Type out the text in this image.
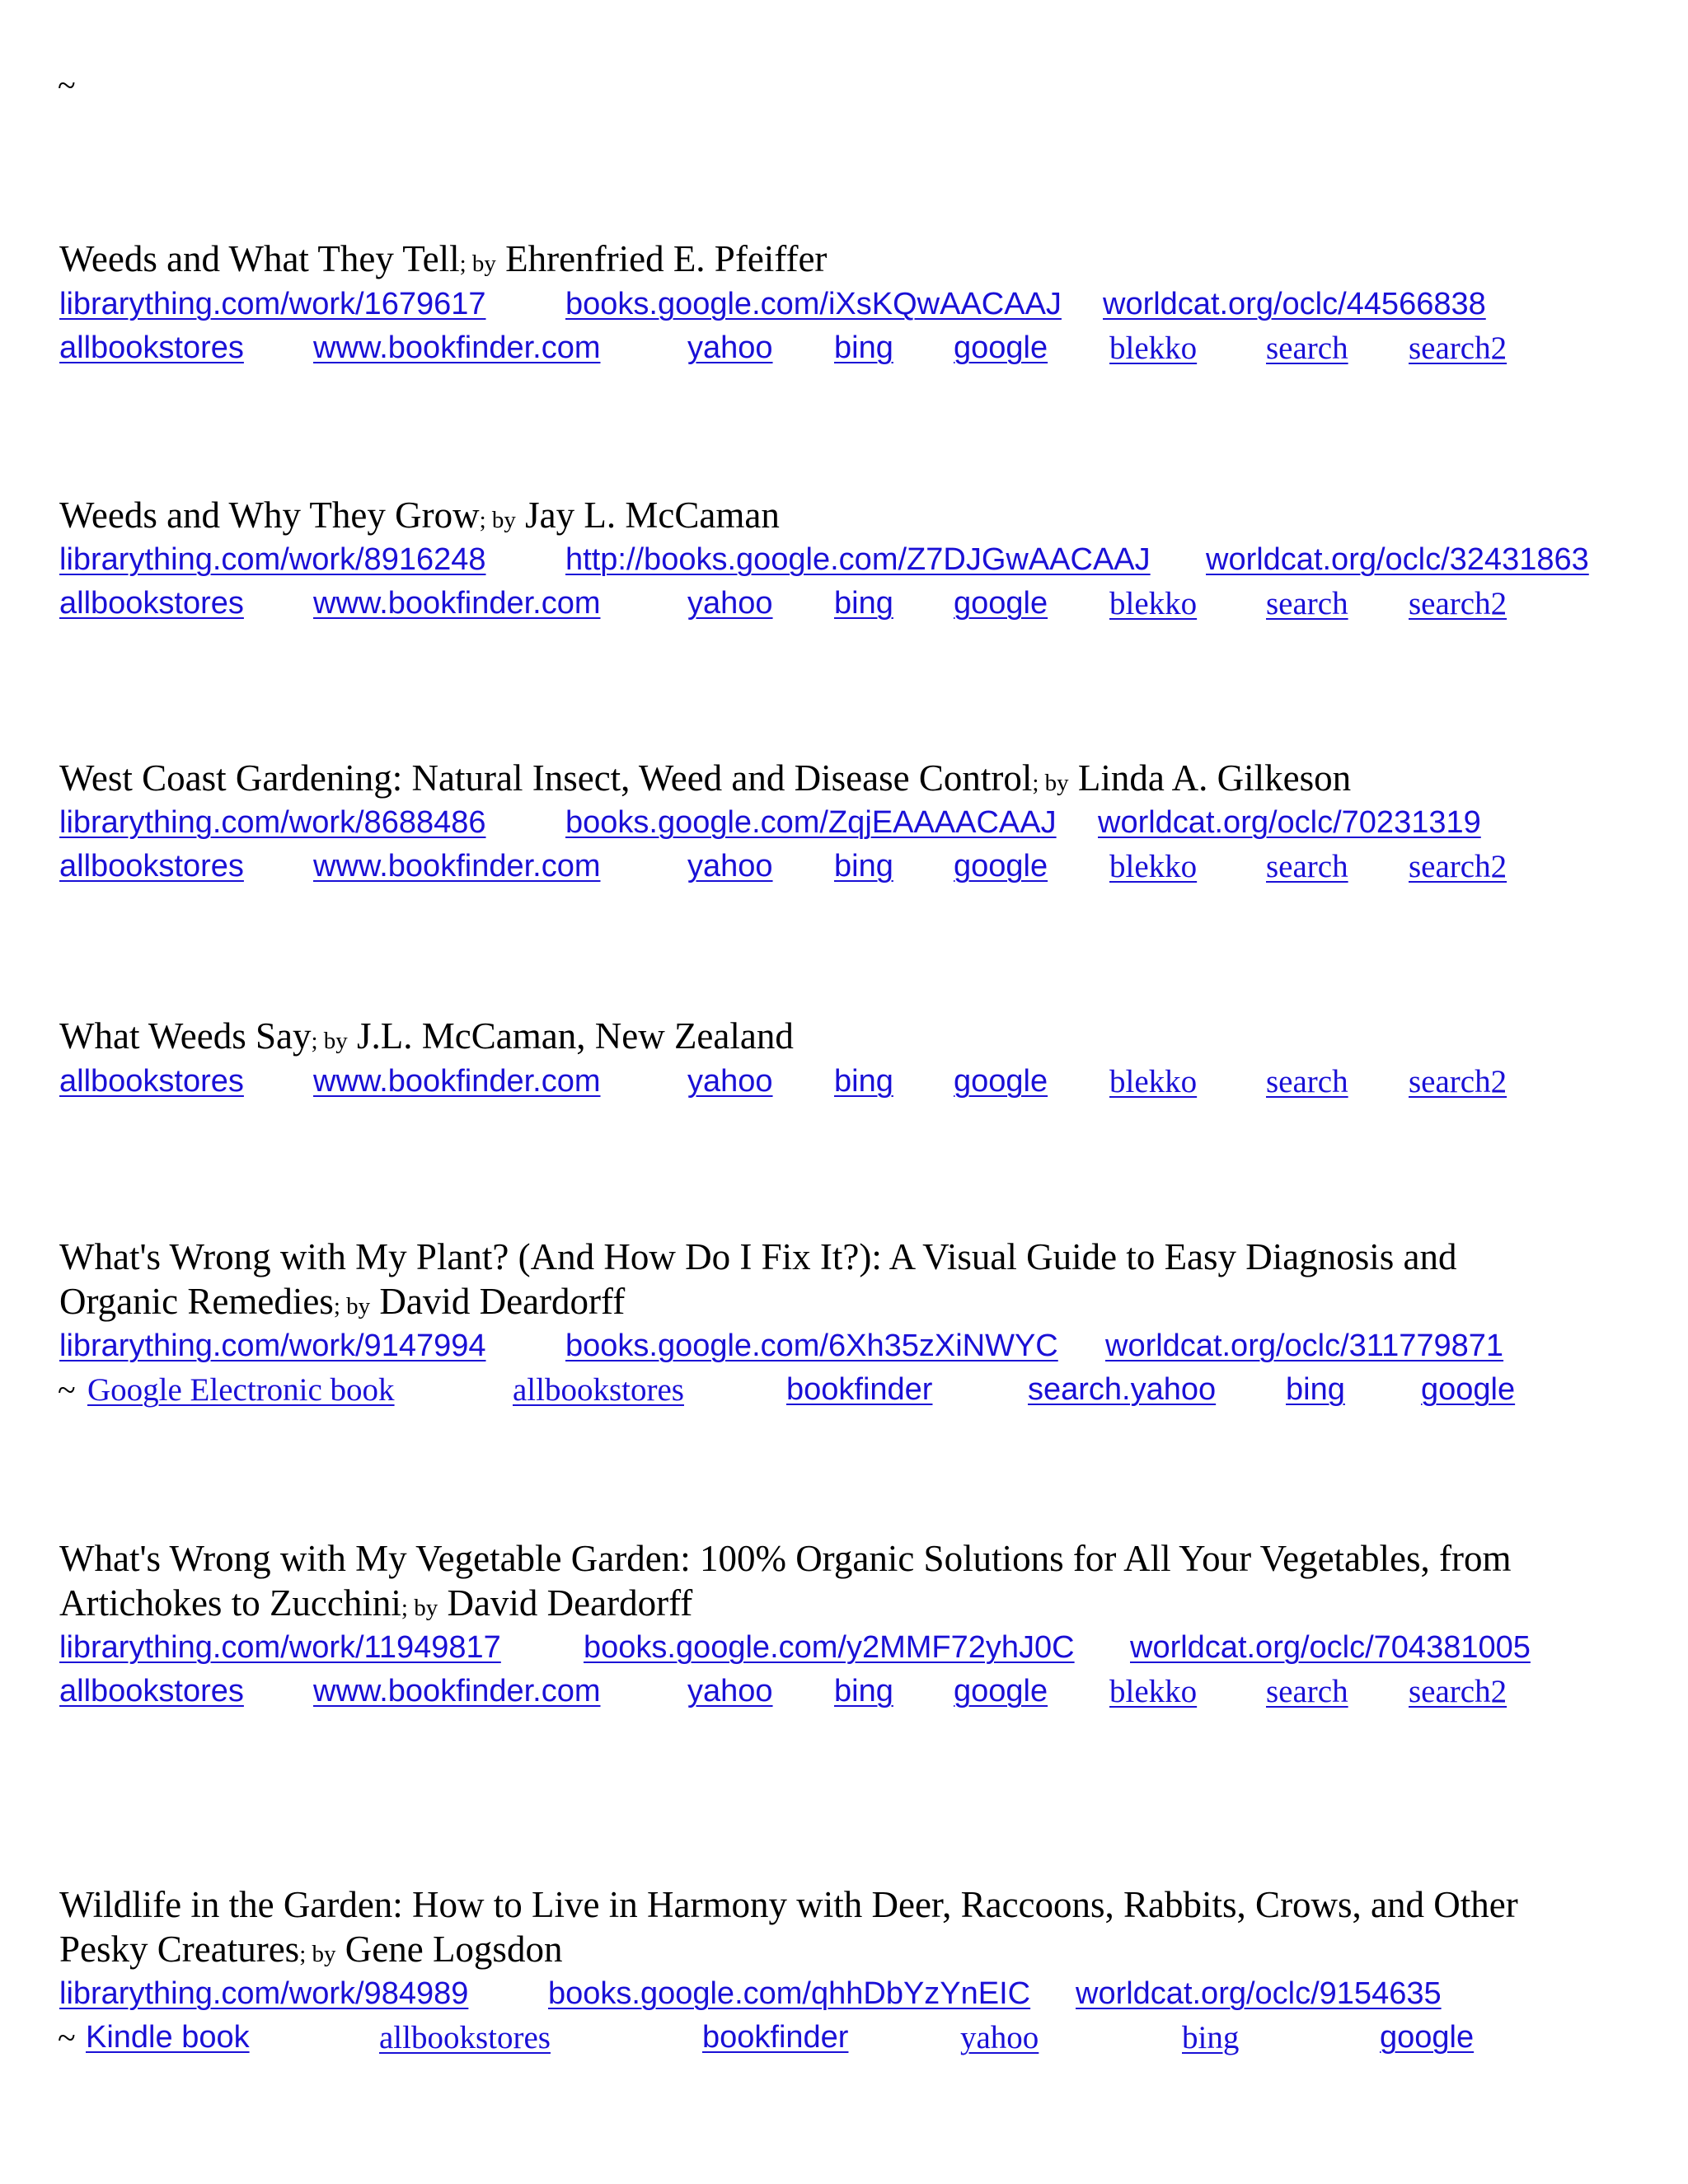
~
Weeds and What They Tell; by Ehrenfried E. Pfeiffer
librarything.com/work/1679617	books.google.com/iXsKQwAACAAJ worldcat.org/oclc/44566838
allbookstores www.bookfinder.com	yahoo bing google blekko search search2
Weeds and Why They Grow; by Jay L. McCaman
librarything.com/work/8916248	http://books.google.com/Z7DJGwAACAAJ worldcat.org/oclc/32431863
allbookstores www.bookfinder.com	yahoo bing google blekko search search2
West Coast Gardening: Natural Insect, Weed and Disease Control; by Linda A. Gilkeson
librarything.com/work/8688486	books.google.com/ZqjEAAAACAAJ worldcat.org/oclc/70231319
allbookstores www.bookfinder.com	yahoo bing google blekko search search2
What Weeds Say; by J.L. McCaman, New Zealand
allbookstores www.bookfinder.com	yahoo bing google blekko search search2
What's Wrong with My Plant? (And How Do I Fix It?): A Visual Guide to Easy Diagnosis and
Organic Remedies; by David Deardorff
librarything.com/work/9147994	books.google.com/6Xh35zXiNWYC worldcat.org/oclc/311779871
~ Google Electronic book	allbookstores	bookfinder	search.yahoo bing google
What's Wrong with My Vegetable Garden: 100% Organic Solutions for All Your Vegetables, from
Artichokes to Zucchini; by David Deardorff
librarything.com/work/11949817	books.google.com/y2MMF72yhJ0C worldcat.org/oclc/704381005
allbookstores www.bookfinder.com	yahoo bing google blekko search search2
Wildlife in the Garden: How to Live in Harmony with Deer, Raccoons, Rabbits, Crows, and Other
Pesky Creatures; by Gene Logsdon
librarything.com/work/984989	books.google.com/qhhDbYzYnEIC worldcat.org/oclc/9154635
~ Kindle book	allbookstores	bookfinder	yahoo	bing	google
